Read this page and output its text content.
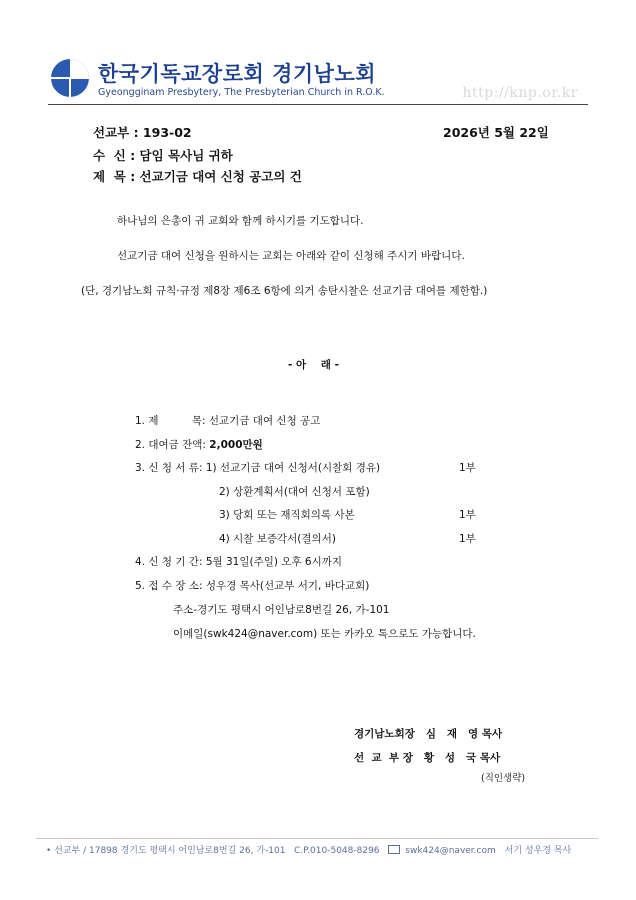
한국기독교장로회 경기남노회
Gyeongginam Presbytery, The Presbyterian Church in R.O.K.	http://knp.or.kr
선교부 : 193-02	2026년 5월 22일
수  신 : 담임 목사님 귀하
제  목 : 선교기금 대여 신청 공고의 건
하나님의 은총이 귀 교회와 함께 하시기를 기도합니다.
선교기금 대여 신청을 원하시는 교회는 아래와 같이 신청해 주시기 바랍니다.
(단, 경기남노회 규칙·규정 제8장 제6조 6항에 의거 송탄시찰은 선교기금 대여를 제한함.)
- 아    래 -
1. 제          목: 선교기금 대여 신청 공고
2. 대여금 잔액: 2,000만원
3. 신 청 서 류: 1) 선교기금 대여 신청서(시찰회 경유)	1부
2) 상환계획서(대여 신청서 포함)
3) 당회 또는 재직회의록 사본	1부
4) 시찰 보증각서(결의서)	1부
4. 신 청 기 간: 5월 31일(주일) 오후 6시까지
5. 접 수 장 소: 성우경 목사(선교부 서기, 바다교회)
주소-경기도 평택시 어인남로8번길 26, 가-101
이메일(swk424@naver.com) 또는 카카오 톡으로도 가능합니다.
경기남노회장   심   재   영 목사
선  교  부 장   황   성   국 목사
(직인생략)
• 선교부 / 17898 경기도 평택시 어인남로8번길 26, 가-101   C.P.010-5048-8296	swk424@naver.com 서기 성우경 목사
